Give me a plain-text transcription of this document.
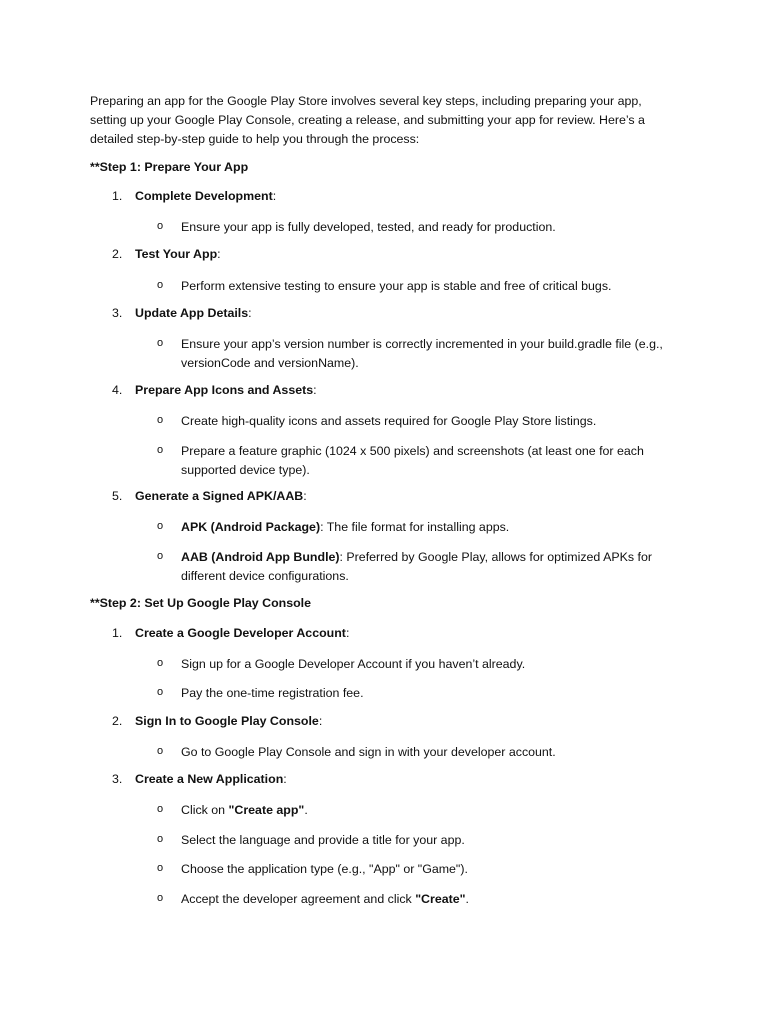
Preparing an app for the Google Play Store involves several key steps, including preparing your app, setting up your Google Play Console, creating a release, and submitting your app for review. Here’s a detailed step-by-step guide to help you through the process:

**Step 1: Prepare Your App

1.	Complete Development:
o Ensure your app is fully developed, tested, and ready for production.
2.	Test Your App:
o Perform extensive testing to ensure your app is stable and free of critical bugs.
3.	Update App Details:
o Ensure your app’s version number is correctly incremented in your build.gradle file (e.g., versionCode and versionName).
4.	Prepare App Icons and Assets:
o Create high-quality icons and assets required for Google Play Store listings.
o Prepare a feature graphic (1024 x 500 pixels) and screenshots (at least one for each supported device type).
5.	Generate a Signed APK/AAB:
o APK (Android Package): The file format for installing apps.
o AAB (Android App Bundle): Preferred by Google Play, allows for optimized APKs for different device configurations.

**Step 2: Set Up Google Play Console

1.	Create a Google Developer Account:
o Sign up for a Google Developer Account if you haven’t already.
o Pay the one-time registration fee.
2.	Sign In to Google Play Console:
o Go to Google Play Console and sign in with your developer account.
3.	Create a New Application:
o Click on "Create app".
o Select the language and provide a title for your app.
o Choose the application type (e.g., "App" or "Game").
o Accept the developer agreement and click "Create".
